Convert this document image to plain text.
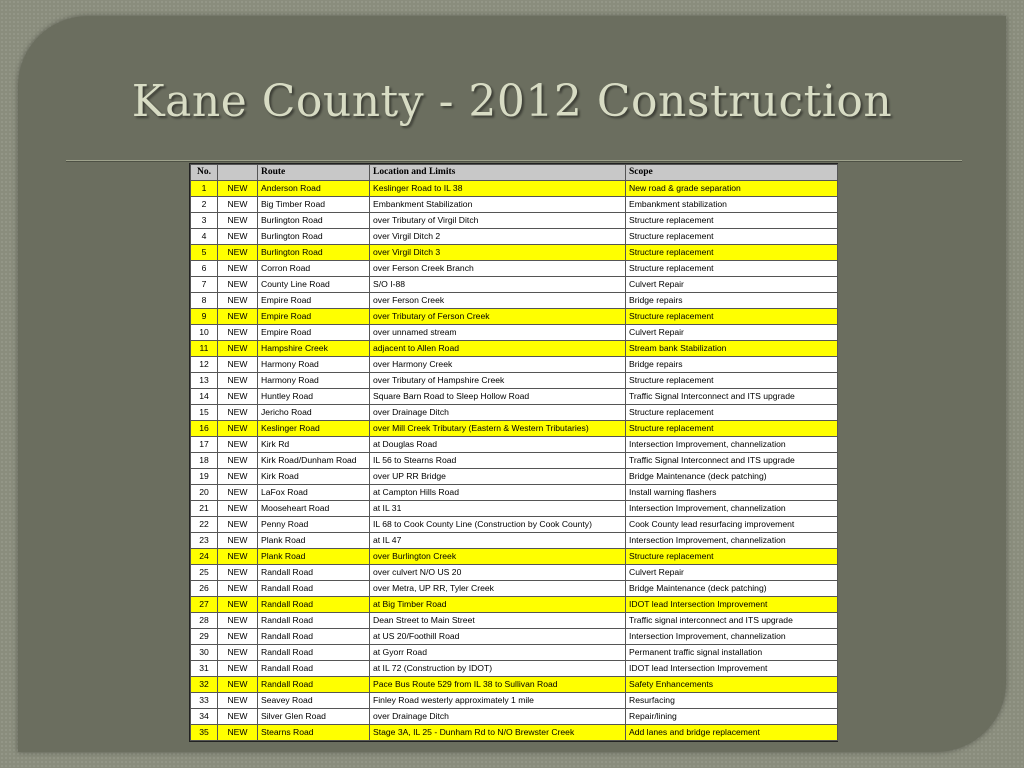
Kane County - 2012 Construction
No.		Route	Location and Limits	Scope
1	NEW	Anderson Road	Keslinger Road to IL 38	New road & grade separation
2	NEW	Big Timber Road	Embankment Stabilization	Embankment stabilization
3	NEW	Burlington Road	over Tributary of Virgil Ditch	Structure replacement
4	NEW	Burlington Road	over Virgil Ditch 2	Structure replacement
5	NEW	Burlington Road	over Virgil Ditch 3	Structure replacement
6	NEW	Corron Road	over Ferson Creek Branch	Structure replacement
7	NEW	County Line Road	S/O I-88	Culvert Repair
8	NEW	Empire Road	over Ferson Creek	Bridge repairs
9	NEW	Empire Road	over Tributary of Ferson Creek	Structure replacement
10	NEW	Empire Road	over unnamed stream	Culvert Repair
11	NEW	Hampshire Creek	adjacent to Allen Road	Stream bank Stabilization
12	NEW	Harmony Road	over Harmony Creek	Bridge repairs
13	NEW	Harmony Road	over Tributary of Hampshire Creek	Structure replacement
14	NEW	Huntley Road	Square Barn Road to Sleep Hollow Road	Traffic Signal Interconnect and ITS upgrade
15	NEW	Jericho Road	over Drainage Ditch	Structure replacement
16	NEW	Keslinger Road	over Mill Creek Tributary (Eastern & Western Tributaries)	Structure replacement
17	NEW	Kirk Rd	at Douglas Road	Intersection Improvement, channelization
18	NEW	Kirk Road/Dunham Road	IL 56 to Stearns Road	Traffic Signal Interconnect and ITS upgrade
19	NEW	Kirk Road	over UP RR Bridge	Bridge Maintenance (deck patching)
20	NEW	LaFox Road	at Campton Hills Road	Install warning flashers
21	NEW	Mooseheart Road	at IL 31	Intersection Improvement, channelization
22	NEW	Penny Road	IL 68 to Cook County Line (Construction by Cook County)	Cook County lead resurfacing improvement
23	NEW	Plank Road	at IL 47	Intersection Improvement, channelization
24	NEW	Plank Road	over Burlington Creek	Structure replacement
25	NEW	Randall Road	over culvert N/O US 20	Culvert Repair
26	NEW	Randall Road	over Metra, UP RR, Tyler Creek	Bridge Maintenance (deck patching)
27	NEW	Randall Road	at Big Timber Road	IDOT lead Intersection Improvement
28	NEW	Randall Road	Dean Street to Main Street	Traffic signal interconnect and ITS upgrade
29	NEW	Randall Road	at US 20/Foothill Road	Intersection Improvement, channelization
30	NEW	Randall Road	at Gyorr Road	Permanent traffic signal installation
31	NEW	Randall Road	at IL 72 (Construction by IDOT)	IDOT lead Intersection Improvement
32	NEW	Randall Road	Pace Bus Route 529 from IL 38 to Sullivan Road	Safety Enhancements
33	NEW	Seavey Road	Finley Road westerly approximately 1 mile	Resurfacing
34	NEW	Silver Glen Road	over Drainage Ditch	Repair/lining
35	NEW	Stearns Road	Stage 3A, IL 25 - Dunham Rd to N/O Brewster Creek	Add lanes and bridge replacement
